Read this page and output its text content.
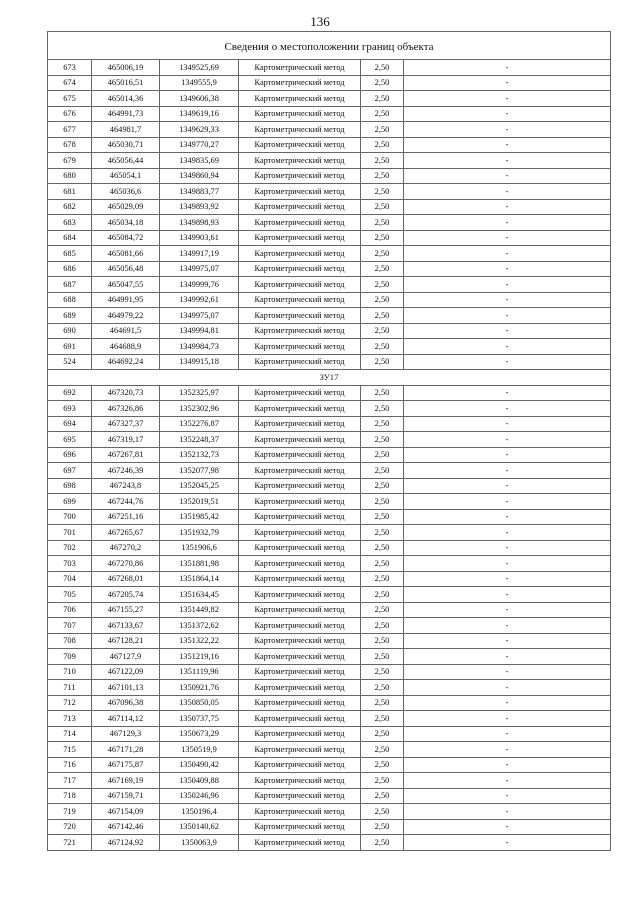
136

Сведения о местоположении границ объекта					
673	465006,19	1349525,69	Картометрический метод	2,50	-
674	465016,51	1349555,9	Картометрический метод	2,50	-
675	465014,36	1349606,38	Картометрический метод	2,50	-
676	464991,73	1349619,16	Картометрический метод	2,50	-
677	464981,7	1349629,33	Картометрический метод	2,50	-
678	465030,71	1349770,27	Картометрический метод	2,50	-
679	465056,44	1349835,69	Картометрический метод	2,50	-
680	465054,1	1349860,94	Картометрический метод	2,50	-
681	465036,6	1349883,77	Картометрический метод	2,50	-
682	465029,09	1349893,92	Картометрический метод	2,50	-
683	465034,18	1349898,93	Картометрический метод	2,50	-
684	465084,72	1349903,61	Картометрический метод	2,50	-
685	465081,66	1349917,19	Картометрический метод	2,50	-
686	465056,48	1349975,07	Картометрический метод	2,50	-
687	465047,55	1349999,76	Картометрический метод	2,50	-
688	464991,95	1349992,61	Картометрический метод	2,50	-
689	464979,22	1349975,07	Картометрический метод	2,50	-
690	464691,5	1349994,81	Картометрический метод	2,50	-
691	464688,9	1349984,73	Картометрический метод	2,50	-
524	464692,24	1349915,18	Картометрический метод	2,50	-
ЗУ17					
692	467320,73	1352325,97	Картометрический метод	2,50	-
693	467326,86	1352302,96	Картометрический метод	2,50	-
694	467327,37	1352276,87	Картометрический метод	2,50	-
695	467319,17	1352248,37	Картометрический метод	2,50	-
696	467267,81	1352132,73	Картометрический метод	2,50	-
697	467246,39	1352077,98	Картометрический метод	2,50	-
698	467243,8	1352045,25	Картометрический метод	2,50	-
699	467244,76	1352019,51	Картометрический метод	2,50	-
700	467251,16	1351985,42	Картометрический метод	2,50	-
701	467265,67	1351932,79	Картометрический метод	2,50	-
702	467270,2	1351906,6	Картометрический метод	2,50	-
703	467270,86	1351881,98	Картометрический метод	2,50	-
704	467268,01	1351864,14	Картометрический метод	2,50	-
705	467205,74	1351634,45	Картометрический метод	2,50	-
706	467155,27	1351449,82	Картометрический метод	2,50	-
707	467133,67	1351372,62	Картометрический метод	2,50	-
708	467128,21	1351322,22	Картометрический метод	2,50	-
709	467127,9	1351219,16	Картометрический метод	2,50	-
710	467122,09	1351119,96	Картометрический метод	2,50	-
711	467101,13	1350921,76	Картометрический метод	2,50	-
712	467096,38	1350850,05	Картометрический метод	2,50	-
713	467114,12	1350737,75	Картометрический метод	2,50	-
714	467129,3	1350673,29	Картометрический метод	2,50	-
715	467171,28	1350519,9	Картометрический метод	2,50	-
716	467175,87	1350490,42	Картометрический метод	2,50	-
717	467169,19	1350409,88	Картометрический метод	2,50	-
718	467159,71	1350246,96	Картометрический метод	2,50	-
719	467154,09	1350196,4	Картометрический метод	2,50	-
720	467142,46	1350140,62	Картометрический метод	2,50	-
721	467124,92	1350063,9	Картометрический метод	2,50	-
